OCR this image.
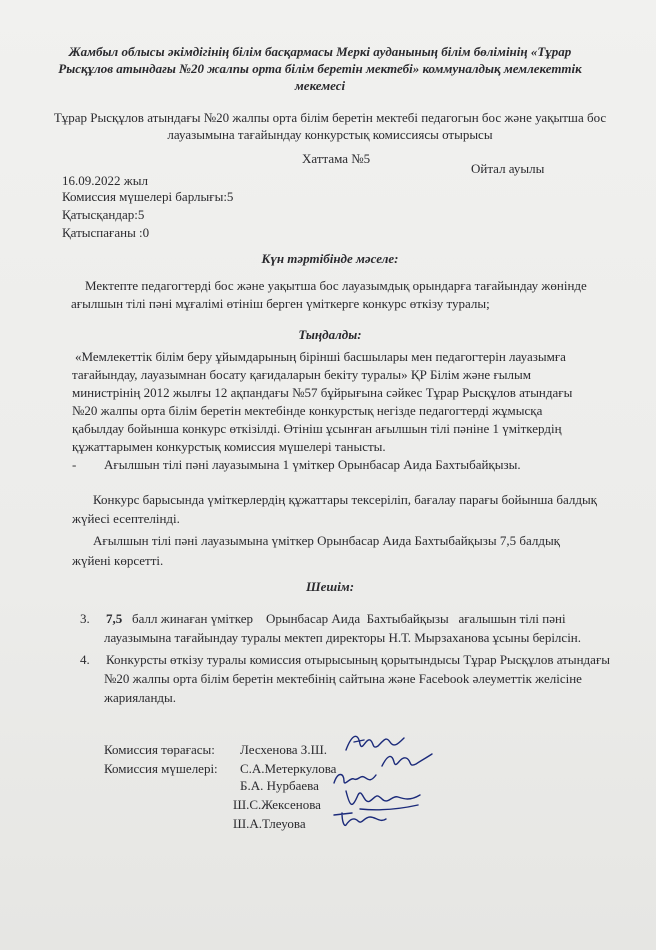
Жамбыл облысы әкімдігінің білім басқармасы Меркі ауданының білім бөлімінің «Тұрар
Рысқұлов атындағы №20 жалпы орта білім беретін мектебі» коммуналдық мемлекеттік
мекемесі
Тұрар Рысқұлов атындағы №20 жалпы орта білім беретін мектебі педагогын бос және уақытша бос
лауазымына тағайындау конкурстық комиссиясы отырысы
Хаттама №5
Ойтал ауылы
16.09.2022 жыл
Комиссия мүшелері барлығы:5
Қатысқандар:5
Қатыспағаны :0
Күн тәртібінде мәселе:
Мектепте педагогтерді бос және уақытша бос лауазымдық орындарға тағайындау жөнінде
ағылшын тілі пәні мұғалімі өтініш берген үміткерге конкурс өткізу туралы;
Тыңдалды:
«Мемлекеттік білім беру ұйымдарының бірінші басшылары мен педагогтерін лауазымға
тағайындау, лауазымнан босату қағидаларын бекіту туралы» ҚР Білім және ғылым
министрінің 2012 жылғы 12 ақпандағы №57 бұйрығына сәйкес Тұрар Рысқұлов атындағы
№20 жалпы орта білім беретін мектебінде конкурстық негізде педагогтерді жұмысқа
қабылдау бойынша конкурс өткізілді. Өтініш ұсынған ағылшын тілі пәніне 1 үміткердің
құжаттарымен конкурстық комиссия мүшелері танысты.
- Ағылшын тілі пәні лауазымына 1 үміткер Орынбасар Аида Бахтыбайқызы.
Конкурс барысында үміткерлердің құжаттары тексеріліп, бағалау парағы бойынша балдық
жүйесі есептелінді.
Ағылшын тілі пәні лауазымына үміткер Орынбасар Аида Бахтыбайқызы 7,5 балдық
жүйені көрсетті.
Шешім:
3. 7,5   балл жинаған үміткер    Орынбасар Аида  Бахтыбайқызы   ағалышын тілі пәні
лауазымына тағайындау туралы мектеп директоры Н.Т. Мырзаханова ұсыны берілсін.
4. Конкурсты өткізу туралы комиссия отырысының қорытындысы Тұрар Рысқұлов атындағы
№20 жалпы орта білім беретін мектебінің сайтына және Facebook әлеуметтік желісіне
жарияланды.
Комиссия төрағасы: Лесхенова З.Ш.
Комиссия мүшелері: С.А.Метеркулова
Б.А. Нурбаева
Ш.С.Жексенова
Ш.А.Тлеуова
